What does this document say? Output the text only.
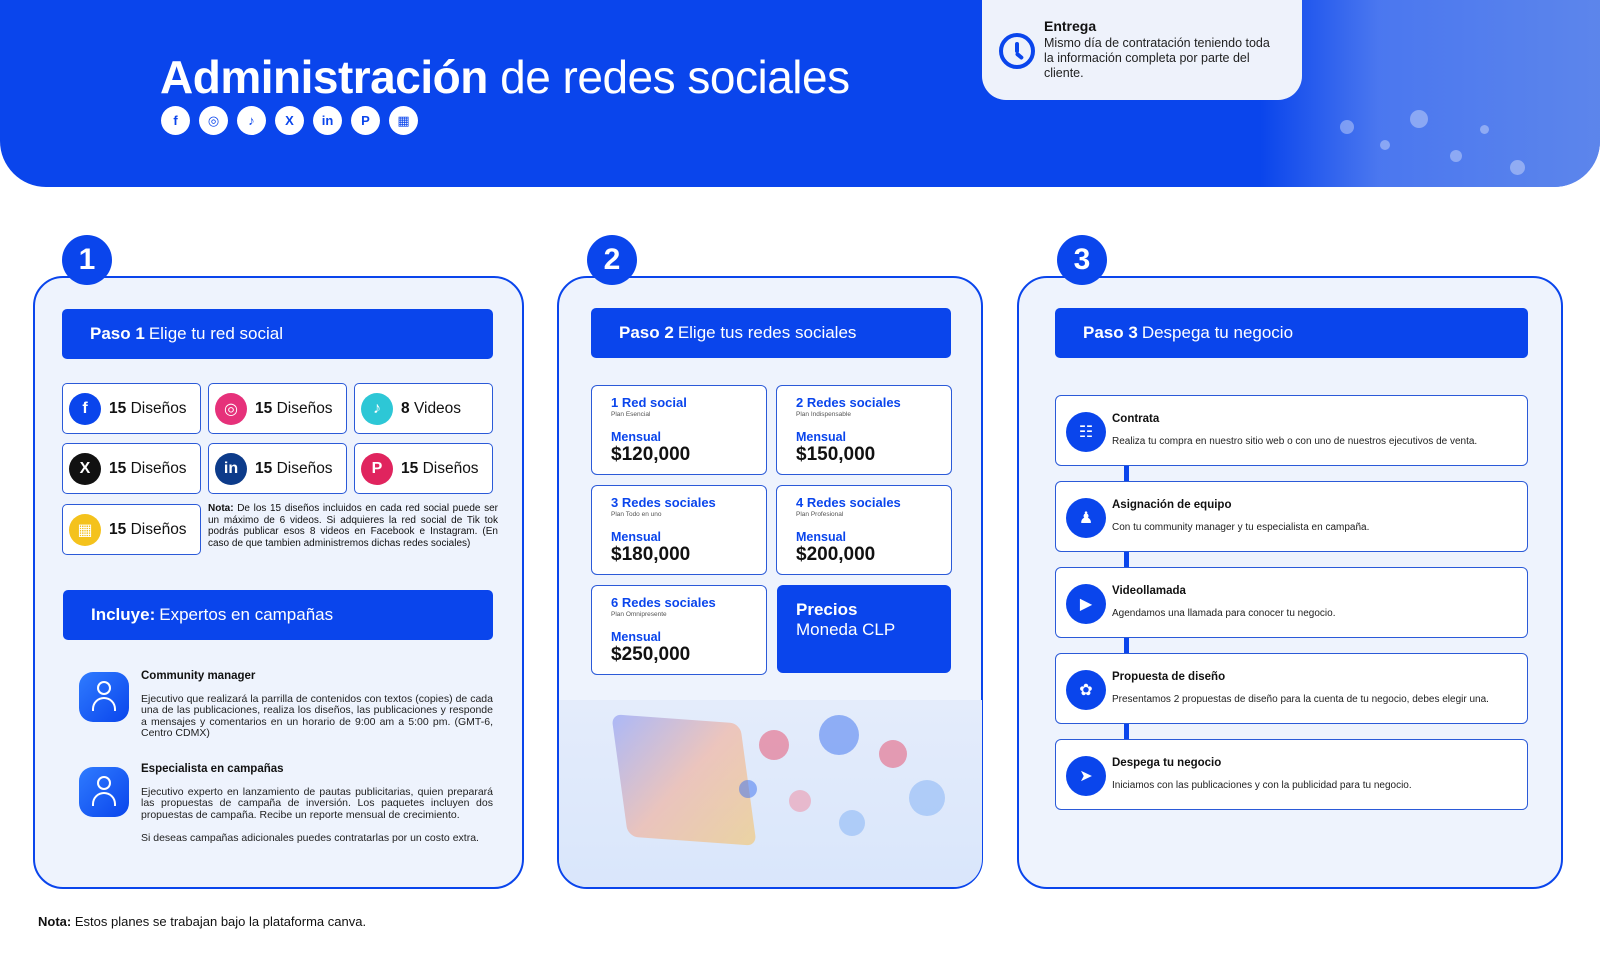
Administración de redes sociales
f	◎	♪	X	in	P	▦
Entrega

Mismo día de contratación teniendo toda la información completa por parte del cliente.

1
Paso 1 Elige tu red social
f	15 Diseños	◎	15 Diseños	♪	8 Videos
X	15 Diseños	in	15 Diseños	P	15 Diseños
▦	15 Diseños
Nota: De los 15 diseños incluidos en cada red social puede ser un máximo de 6 videos. Si adquieres la red social de Tik tok podrás publicar esos 8 videos en Facebook e Instagram. (En caso de que tambien administremos dichas redes sociales)
Incluye: Expertos en campañas
Community manager

Ejecutivo que realizará la parrilla de contenidos con textos (copies) de cada una de las publicaciones, realiza los diseños, las publicaciones y responde a mensajes y comentarios en un horario de 9:00 am a 5:00 pm. (GMT-6, Centro CDMX)

Especialista en campañas

Ejecutivo experto en lanzamiento de pautas publicitarias, quien preparará las propuestas de campaña de inversión. Los paquetes incluyen dos propuestas de campaña. Recibe un reporte mensual de crecimiento.

Si deseas campañas adicionales puedes contratarlas por un costo extra.

2
Paso 2 Elige tus redes sociales
1 Red social
Plan Esencial
Mensual
$120,000
2 Redes sociales
Plan Indispensable
Mensual
$150,000
3 Redes sociales
Plan Todo en uno
Mensual
$180,000
4 Redes sociales
Plan Profesional
Mensual
$200,000
6 Redes sociales
Plan Omnipresente
Mensual
$250,000
Precios
Moneda CLP
3
Paso 3 Despega tu negocio
☷
Contrata

Realiza tu compra en nuestro sitio web o con uno de nuestros ejecutivos de venta.

♟
Asignación de equipo

Con tu community manager y tu especialista en campaña.

▶
Videollamada

Agendamos una llamada para conocer tu negocio.

✿
Propuesta de diseño

Presentamos 2 propuestas de diseño para la cuenta de tu negocio, debes elegir una.

➤
Despega tu negocio

Iniciamos con las publicaciones y con la publicidad para tu negocio.

Nota: Estos planes se trabajan bajo la plataforma canva.
